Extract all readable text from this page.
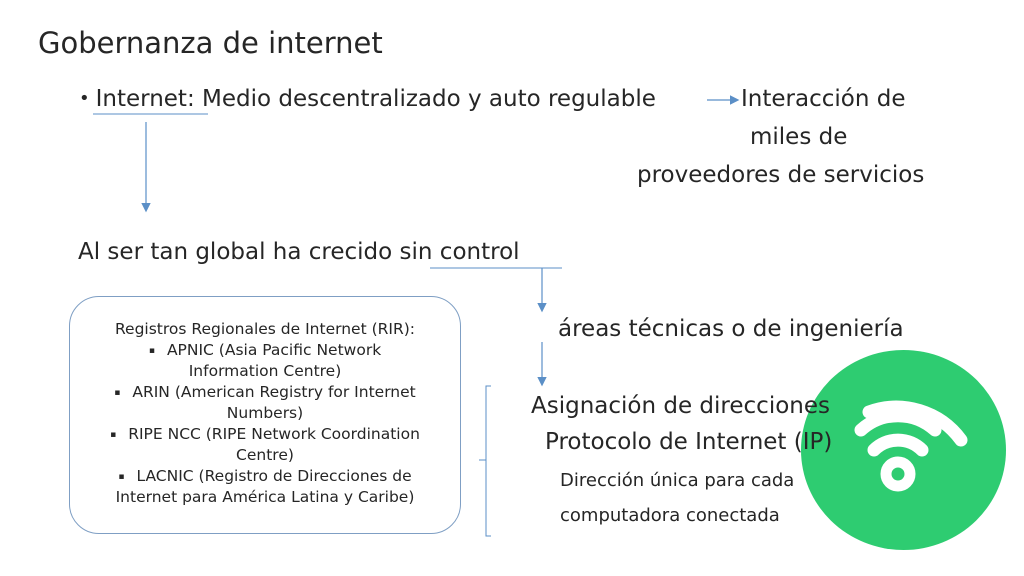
Gobernanza de internet
• Internet: Medio descentralizado y auto regulable	Interacción de
miles de
proveedores de servicios
Al ser tan global ha crecido sin control
áreas técnicas o de ingeniería
Registros Regionales de Internet (RIR):
▪ APNIC (Asia Pacific Network
Information Centre)
▪ ARIN (American Registry for Internet
Numbers)
▪ RIPE NCC (RIPE Network Coordination
Centre)
▪ LACNIC (Registro de Direcciones de
Internet para América Latina y Caribe)
Asignación de direcciones
Protocolo de Internet (IP)
Dirección única para cada
computadora conectada
